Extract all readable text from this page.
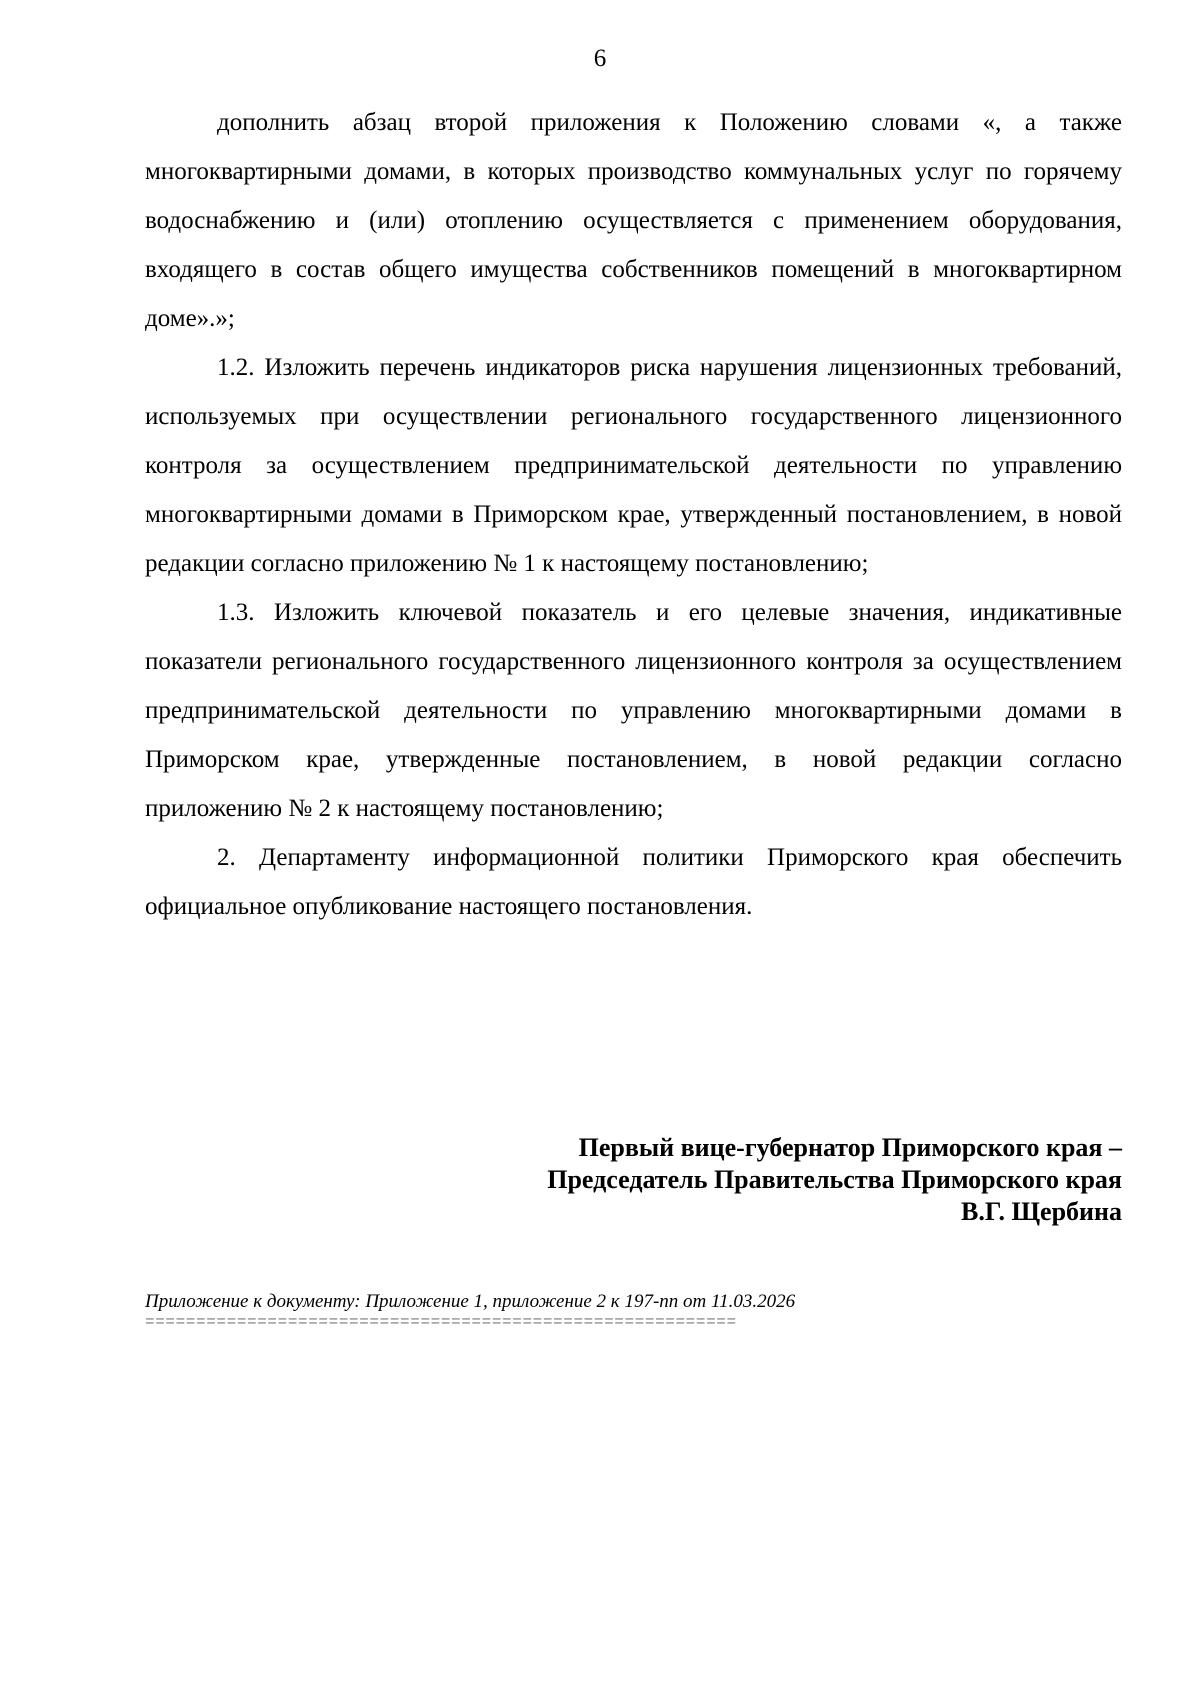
6

дополнить абзац второй приложения к Положению словами «, а также многоквартирными домами, в которых производство коммунальных услуг по горячему водоснабжению и (или) отоплению осуществляется с применением оборудования, входящего в состав общего имущества собственников помещений в многоквартирном доме».»;

1.2. Изложить перечень индикаторов риска нарушения лицензионных требований, используемых при осуществлении регионального государственного лицензионного контроля за осуществлением предпринимательской деятельности по управлению многоквартирными домами в Приморском крае, утвержденный постановлением, в новой редакции согласно приложению № 1 к настоящему постановлению;

1.3. Изложить ключевой показатель и его целевые значения, индикативные показатели регионального государственного лицензионного контроля за осуществлением предпринимательской деятельности по управлению многоквартирными домами в Приморском крае, утвержденные постановлением, в новой редакции согласно приложению № 2 к настоящему постановлению;

2. Департаменту информационной политики Приморского края обеспечить официальное опубликование настоящего постановления.

Первый вице-губернатор Приморского края –
Председатель Правительства Приморского края
В.Г. Щербина
Приложение к документу: Приложение 1, приложение 2 к 197-пп от 11.03.2026
==========================================================
